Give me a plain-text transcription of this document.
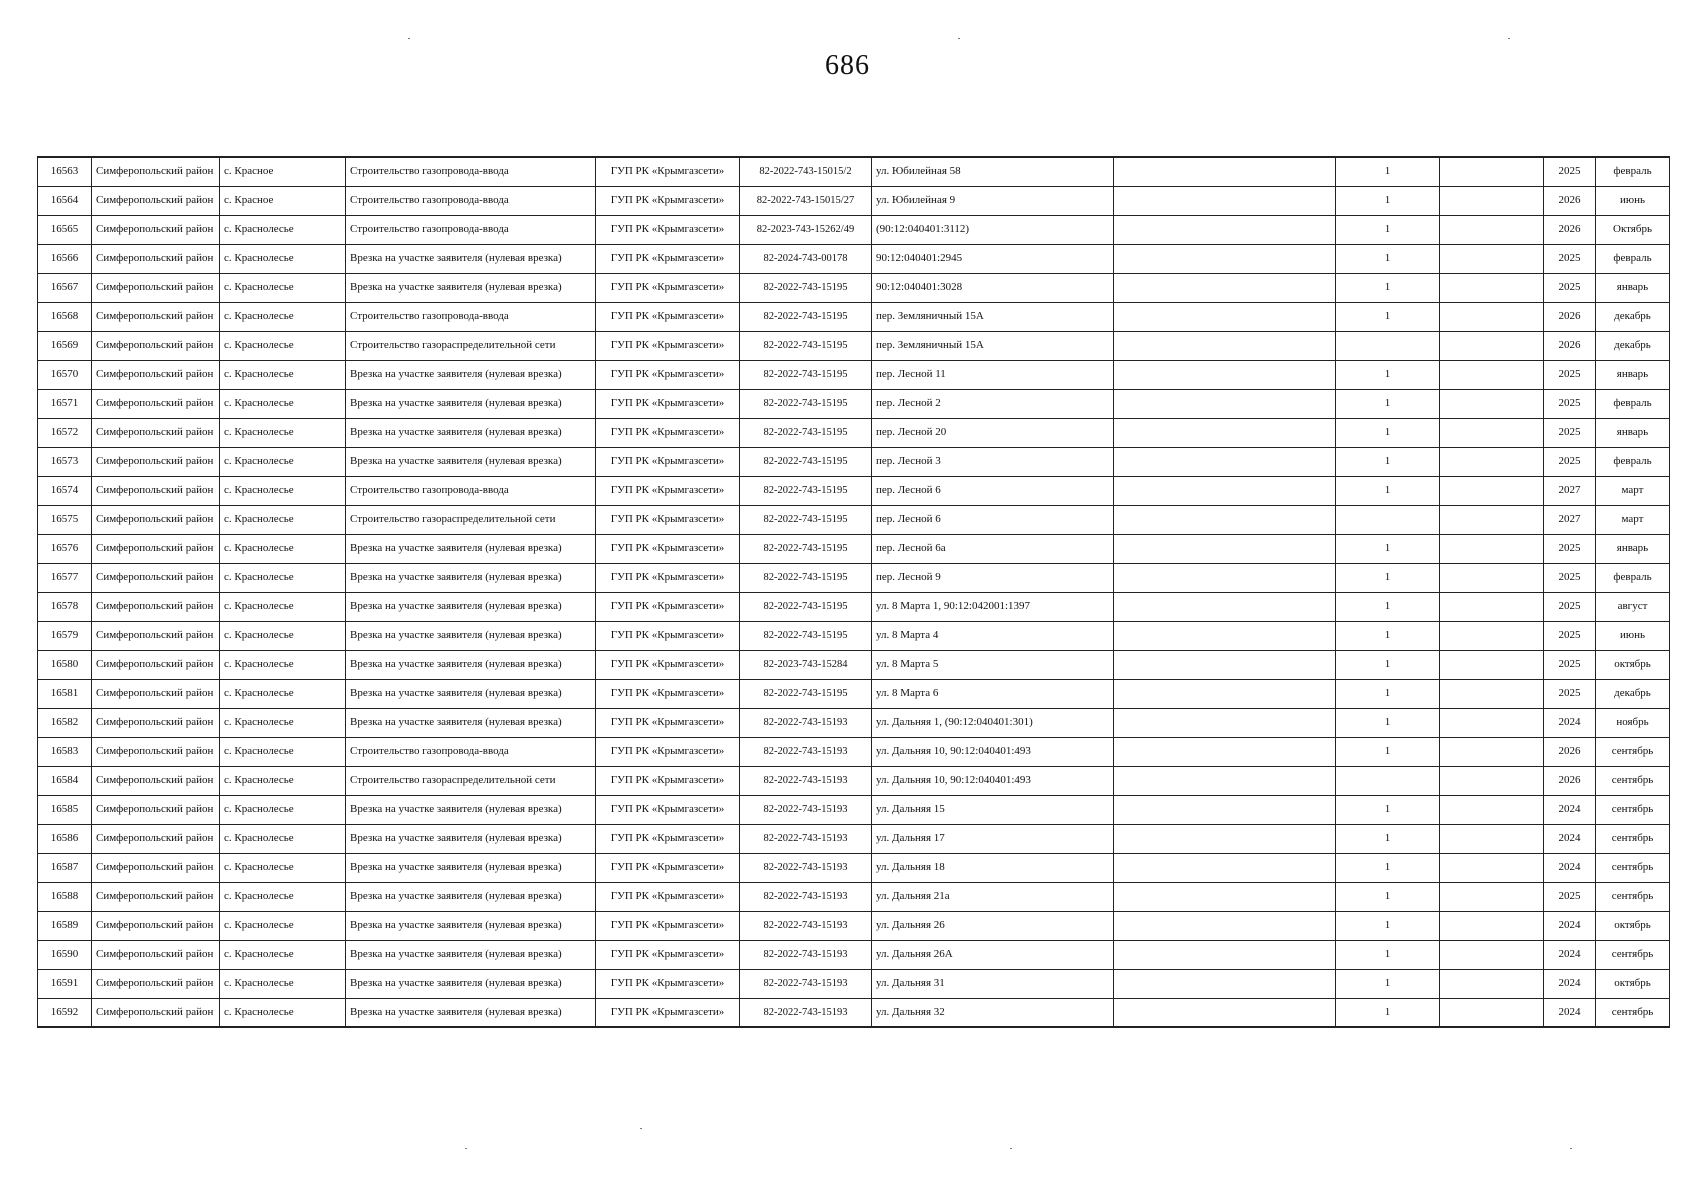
686
16563	Симферопольский район	с. Красное	Строительство газопровода-ввода	ГУП РК «Крымгазсети»	82-2022-743-15015/2	ул. Юбилейная 58		1		2025	февраль
16564	Симферопольский район	с. Красное	Строительство газопровода-ввода	ГУП РК «Крымгазсети»	82-2022-743-15015/27	ул. Юбилейная 9		1		2026	июнь
16565	Симферопольский район	с. Краснолесье	Строительство газопровода-ввода	ГУП РК «Крымгазсети»	82-2023-743-15262/49	(90:12:040401:3112)		1		2026	Октябрь
16566	Симферопольский район	с. Краснолесье	Врезка на участке заявителя (нулевая врезка)	ГУП РК «Крымгазсети»	82-2024-743-00178	90:12:040401:2945		1		2025	февраль
16567	Симферопольский район	с. Краснолесье	Врезка на участке заявителя (нулевая врезка)	ГУП РК «Крымгазсети»	82-2022-743-15195	90:12:040401:3028		1		2025	январь
16568	Симферопольский район	с. Краснолесье	Строительство газопровода-ввода	ГУП РК «Крымгазсети»	82-2022-743-15195	пер. Земляничный 15А		1		2026	декабрь
16569	Симферопольский район	с. Краснолесье	Строительство газораспределительной сети	ГУП РК «Крымгазсети»	82-2022-743-15195	пер. Земляничный 15А				2026	декабрь
16570	Симферопольский район	с. Краснолесье	Врезка на участке заявителя (нулевая врезка)	ГУП РК «Крымгазсети»	82-2022-743-15195	пер. Лесной 11		1		2025	январь
16571	Симферопольский район	с. Краснолесье	Врезка на участке заявителя (нулевая врезка)	ГУП РК «Крымгазсети»	82-2022-743-15195	пер. Лесной 2		1		2025	февраль
16572	Симферопольский район	с. Краснолесье	Врезка на участке заявителя (нулевая врезка)	ГУП РК «Крымгазсети»	82-2022-743-15195	пер. Лесной 20		1		2025	январь
16573	Симферопольский район	с. Краснолесье	Врезка на участке заявителя (нулевая врезка)	ГУП РК «Крымгазсети»	82-2022-743-15195	пер. Лесной 3		1		2025	февраль
16574	Симферопольский район	с. Краснолесье	Строительство газопровода-ввода	ГУП РК «Крымгазсети»	82-2022-743-15195	пер. Лесной 6		1		2027	март
16575	Симферопольский район	с. Краснолесье	Строительство газораспределительной сети	ГУП РК «Крымгазсети»	82-2022-743-15195	пер. Лесной 6				2027	март
16576	Симферопольский район	с. Краснолесье	Врезка на участке заявителя (нулевая врезка)	ГУП РК «Крымгазсети»	82-2022-743-15195	пер. Лесной 6а		1		2025	январь
16577	Симферопольский район	с. Краснолесье	Врезка на участке заявителя (нулевая врезка)	ГУП РК «Крымгазсети»	82-2022-743-15195	пер. Лесной 9		1		2025	февраль
16578	Симферопольский район	с. Краснолесье	Врезка на участке заявителя (нулевая врезка)	ГУП РК «Крымгазсети»	82-2022-743-15195	ул. 8 Марта 1, 90:12:042001:1397		1		2025	август
16579	Симферопольский район	с. Краснолесье	Врезка на участке заявителя (нулевая врезка)	ГУП РК «Крымгазсети»	82-2022-743-15195	ул. 8 Марта 4		1		2025	июнь
16580	Симферопольский район	с. Краснолесье	Врезка на участке заявителя (нулевая врезка)	ГУП РК «Крымгазсети»	82-2023-743-15284	ул. 8 Марта 5		1		2025	октябрь
16581	Симферопольский район	с. Краснолесье	Врезка на участке заявителя (нулевая врезка)	ГУП РК «Крымгазсети»	82-2022-743-15195	ул. 8 Марта 6		1		2025	декабрь
16582	Симферопольский район	с. Краснолесье	Врезка на участке заявителя (нулевая врезка)	ГУП РК «Крымгазсети»	82-2022-743-15193	ул. Дальняя 1, (90:12:040401:301)		1		2024	ноябрь
16583	Симферопольский район	с. Краснолесье	Строительство газопровода-ввода	ГУП РК «Крымгазсети»	82-2022-743-15193	ул. Дальняя 10, 90:12:040401:493		1		2026	сентябрь
16584	Симферопольский район	с. Краснолесье	Строительство газораспределительной сети	ГУП РК «Крымгазсети»	82-2022-743-15193	ул. Дальняя 10, 90:12:040401:493				2026	сентябрь
16585	Симферопольский район	с. Краснолесье	Врезка на участке заявителя (нулевая врезка)	ГУП РК «Крымгазсети»	82-2022-743-15193	ул. Дальняя 15		1		2024	сентябрь
16586	Симферопольский район	с. Краснолесье	Врезка на участке заявителя (нулевая врезка)	ГУП РК «Крымгазсети»	82-2022-743-15193	ул. Дальняя 17		1		2024	сентябрь
16587	Симферопольский район	с. Краснолесье	Врезка на участке заявителя (нулевая врезка)	ГУП РК «Крымгазсети»	82-2022-743-15193	ул. Дальняя 18		1		2024	сентябрь
16588	Симферопольский район	с. Краснолесье	Врезка на участке заявителя (нулевая врезка)	ГУП РК «Крымгазсети»	82-2022-743-15193	ул. Дальняя 21а		1		2025	сентябрь
16589	Симферопольский район	с. Краснолесье	Врезка на участке заявителя (нулевая врезка)	ГУП РК «Крымгазсети»	82-2022-743-15193	ул. Дальняя 26		1		2024	октябрь
16590	Симферопольский район	с. Краснолесье	Врезка на участке заявителя (нулевая врезка)	ГУП РК «Крымгазсети»	82-2022-743-15193	ул. Дальняя 26А		1		2024	сентябрь
16591	Симферопольский район	с. Краснолесье	Врезка на участке заявителя (нулевая врезка)	ГУП РК «Крымгазсети»	82-2022-743-15193	ул. Дальняя 31		1		2024	октябрь
16592	Симферопольский район	с. Краснолесье	Врезка на участке заявителя (нулевая врезка)	ГУП РК «Крымгазсети»	82-2022-743-15193	ул. Дальняя 32		1		2024	сентябрь
